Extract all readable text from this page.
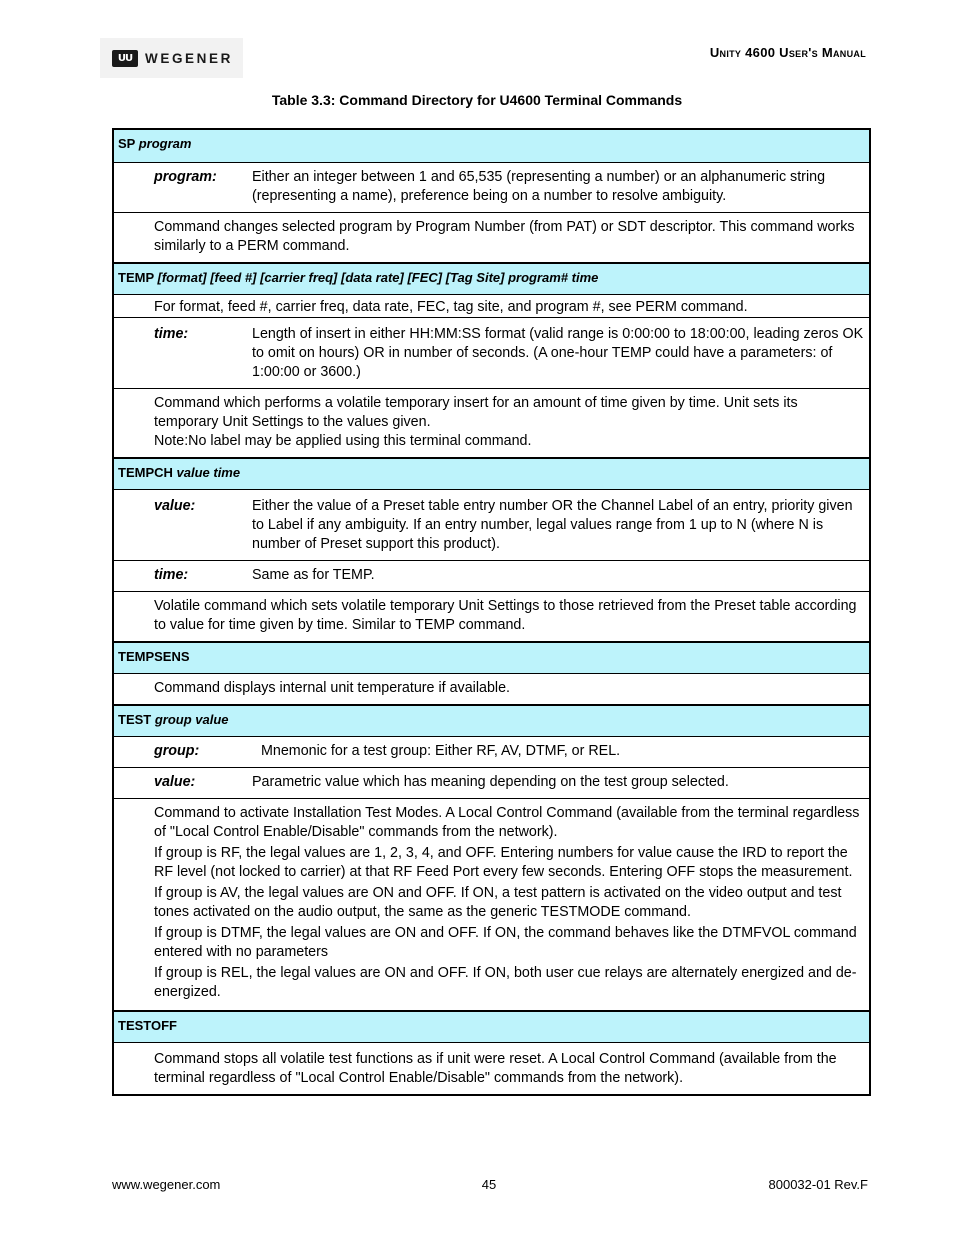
UU WEGENER	Unity 4600 User's Manual
Table 3.3: Command Directory for U4600 Terminal Commands
SP program
program:	Either an integer between 1 and 65,535 (representing a number) or an alphanumeric string (representing a name), preference being on a number to resolve ambiguity.
Command changes selected program by Program Number (from PAT) or SDT descriptor. This command works similarly to a PERM command.
TEMP [format] [feed #] [carrier freq] [data rate] [FEC] [Tag Site] program# time
For format, feed #, carrier freq, data rate, FEC, tag site, and program #, see PERM command.
time:	Length of insert in either HH:MM:SS format (valid range is 0:00:00 to 18:00:00, leading zeros OK to omit on hours) OR in number of seconds. (A one-hour TEMP could have a parameters: of 1:00:00 or 3600.)
Command which performs a volatile temporary insert for an amount of time given by time. Unit sets its temporary Unit Settings to the values given.
Note:No label may be applied using this terminal command.
TEMPCH value time
value:	Either the value of a Preset table entry number OR the Channel Label of an entry, priority given to Label if any ambiguity. If an entry number, legal values range from 1 up to N (where N is number of Preset support this product).
time:	Same as for TEMP.
Volatile command which sets volatile temporary Unit Settings to those retrieved from the Preset table according to value for time given by time. Similar to TEMP command.
TEMPSENS
Command displays internal unit temperature if available.
TEST group value
group:	Mnemonic for a test group: Either RF, AV, DTMF, or REL.
value:	Parametric value which has meaning depending on the test group selected.
Command to activate Installation Test Modes. A Local Control Command (available from the terminal regardless of "Local Control Enable/Disable" commands from the network).
If group is RF, the legal values are 1, 2, 3, 4, and OFF. Entering numbers for value cause the IRD to report the RF level (not locked to carrier) at that RF Feed Port every few seconds. Entering OFF stops the measurement.
If group is AV, the legal values are ON and OFF. If ON, a test pattern is activated on the video output and test tones activated on the audio output, the same as the generic TESTMODE command.
If group is DTMF, the legal values are ON and OFF. If ON, the command behaves like the DTMFVOL command entered with no parameters
If group is REL, the legal values are ON and OFF. If ON, both user cue relays are alternately energized and de-energized.
TESTOFF
Command stops all volatile test functions as if unit were reset. A Local Control Command (available from the terminal regardless of "Local Control Enable/Disable" commands from the network).
www.wegener.com	45	800032-01 Rev.F
